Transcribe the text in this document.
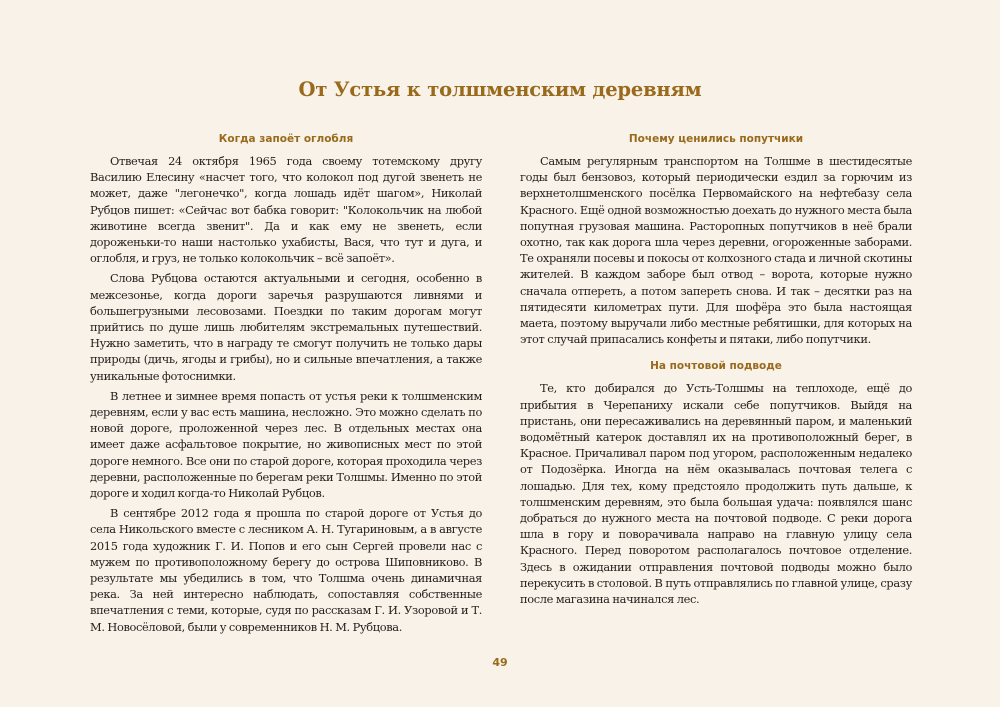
От Устья к толшменским деревням
Когда запоёт оглобля

Отвечая 24 октября 1965 года своему тотемскому другу Василию Елесину «насчет того, что колокол под дугой звенеть не может, даже "легонечко", когда лошадь идёт шагом», Николай Рубцов пишет: «Сейчас вот бабка говорит: "Колокольчик на любой животине всегда звенит". Да и как ему не звенеть, если дороженьки-то наши настолько ухабисты, Вася, что тут и дуга, и оглобля, и груз, не только колокольчик – всё запоёт».

Слова Рубцова остаются актуальными и сегодня, особенно в межсезонье, когда дороги заречья разрушаются ливнями и большегрузными лесовозами. Поездки по таким дорогам могут прийтись по душе лишь любителям экстремальных путешествий. Нужно заметить, что в награду те смогут получить не только дары природы (дичь, ягоды и грибы), но и сильные впечатления, а также уникальные фотоснимки.

В летнее и зимнее время попасть от устья реки к толшменским деревням, если у вас есть машина, несложно. Это можно сделать по новой дороге, проложенной через лес. В отдельных местах она имеет даже асфальтовое покрытие, но живописных мест по этой дороге немного. Все они по старой дороге, которая проходила через деревни, расположенные по берегам реки Толшмы. Именно по этой дороге и ходил когда-то Николай Рубцов.

В сентябре 2012 года я прошла по старой дороге от Устья до села Никольского вместе с лесником А. Н. Тугариновым, а в августе 2015 года художник Г. И. Попов и его сын Сергей провели нас с мужем по противоположному берегу до острова Шиповниково. В результате мы убедились в том, что Толшма очень динамичная река. За ней интересно наблюдать, сопоставляя собственные впечатления с теми, которые, судя по рассказам Г. И. Узоровой и Т. М. Новосёловой, были у современников Н. М. Рубцова.

Почему ценились попутчики

Самым регулярным транспортом на Толшме в шестидесятые годы был бензовоз, который периодически ездил за горючим из верхнетолшменского посёлка Первомайского на нефтебазу села Красного. Ещё одной возможностью доехать до нужного места была попутная грузовая машина. Расторопных попутчиков в неё брали охотно, так как дорога шла через деревни, огороженные заборами. Те охраняли посевы и покосы от колхозного стада и личной скотины жителей. В каждом заборе был отвод – ворота, которые нужно сначала отпереть, а потом запереть снова. И так – десятки раз на пятидесяти километрах пути. Для шофёра это была настоящая маета, поэтому выручали либо местные ребятишки, для которых на этот случай припасались конфеты и пятаки, либо попутчики.

На почтовой подводе

Те, кто добирался до Усть-Толшмы на теплоходе, ещё до прибытия в Черепаниху искали себе попутчиков. Выйдя на пристань, они пересаживались на деревянный паром, и маленький водомётный катерок доставлял их на противоположный берег, в Красное. Причаливал паром под угором, расположенным недалеко от Подозёрка. Иногда на нём оказывалась почтовая телега с лошадью. Для тех, кому предстояло продолжить путь дальше, к толшменским деревням, это была большая удача: появлялся шанс добраться до нужного места на почтовой подводе. С реки дорога шла в гору и поворачивала направо на главную улицу села Красного. Перед поворотом располагалось почтовое отделение. Здесь в ожидании отправления почтовой подводы можно было перекусить в столовой. В путь отправлялись по главной улице, сразу после магазина начинался лес.

49
